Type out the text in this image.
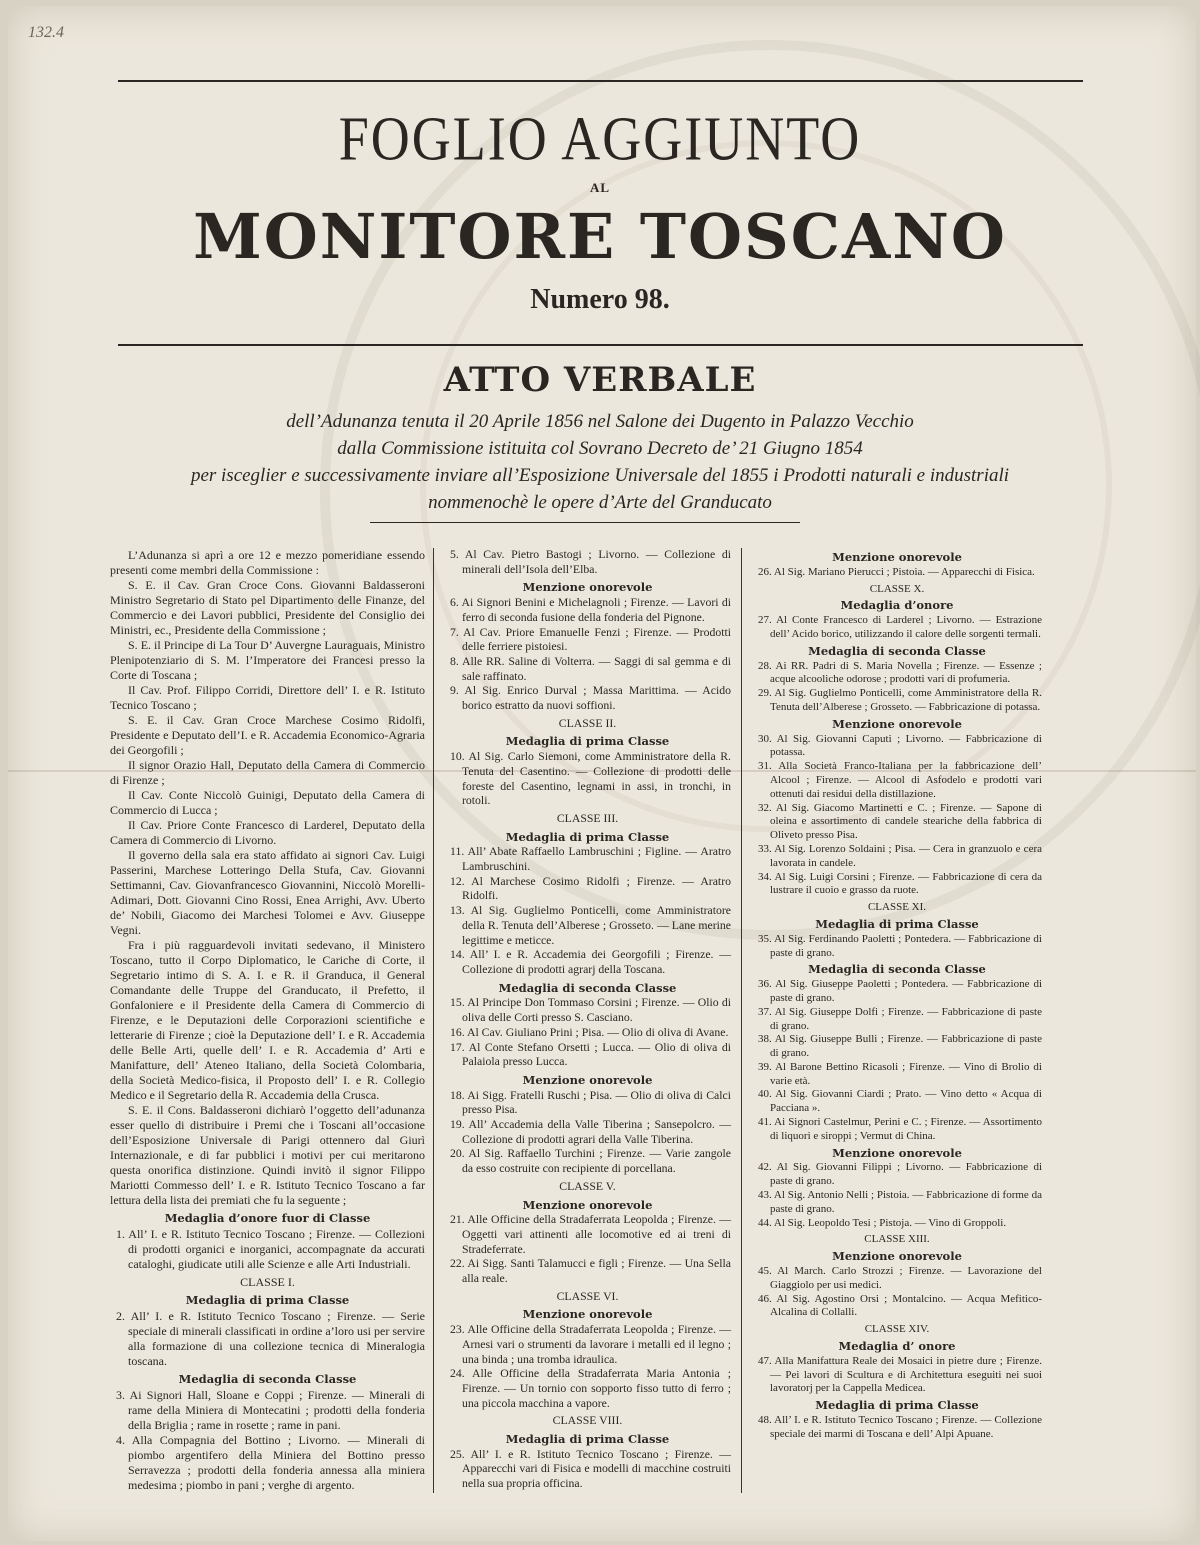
132.4
FOGLIO AGGIUNTO
AL
MONITORE TOSCANO
Numero 98.
ATTO VERBALE
dell’Adunanza tenuta il 20 Aprile 1856 nel Salone dei Dugento in Palazzo Vecchio
dalla Commissione istituita col Sovrano Decreto de’ 21 Giugno 1854
per isceglier e successivamente inviare all’Esposizione Universale del 1855 i Prodotti naturali e industriali
nommenochè le opere d’Arte del Granducato

L’Adunanza si aprì a ore 12 e mezzo pomeridiane essendo presenti come membri della Commissione :

S. E. il Cav. Gran Croce Cons. Giovanni Baldasseroni Ministro Segretario di Stato pel Dipartimento delle Finanze, del Commercio e dei Lavori pubblici, Presidente del Consiglio dei Ministri, ec., Presidente della Commissione ;

S. E. il Principe di La Tour D’ Auvergne Lauraguais, Ministro Plenipotenziario di S. M. l’Imperatore dei Francesi presso la Corte di Toscana ;

Il Cav. Prof. Filippo Corridi, Direttore dell’ I. e R. Istituto Tecnico Toscano ;

S. E. il Cav. Gran Croce Marchese Cosimo Ridolfi, Presidente e Deputato dell’I. e R. Accademia Economico-Agraria dei Georgofili ;

Il signor Orazio Hall, Deputato della Camera di Commercio di Firenze ;

Il Cav. Conte Niccolò Guinigi, Deputato della Camera di Commercio di Lucca ;

Il Cav. Priore Conte Francesco di Larderel, Deputato della Camera di Commercio di Livorno.

Il governo della sala era stato affidato ai signori Cav. Luigi Passerini, Marchese Lotteringo Della Stufa, Cav. Giovanni Settimanni, Cav. Giovanfrancesco Giovannini, Niccolò Morelli-Adimari, Dott. Giovanni Cino Rossi, Enea Arrighi, Avv. Uberto de’ Nobili, Giacomo dei Marchesi Tolomei e Avv. Giuseppe Vegni.

Fra i più ragguardevoli invitati sedevano, il Ministero Toscano, tutto il Corpo Diplomatico, le Cariche di Corte, il Segretario intimo di S. A. I. e R. il Granduca, il General Comandante delle Truppe del Granducato, il Prefetto, il Gonfaloniere e il Presidente della Camera di Commercio di Firenze, e le Deputazioni delle Corporazioni scientifiche e letterarie di Firenze ; cioè la Deputazione dell’ I. e R. Accademia delle Belle Arti, quelle dell’ I. e R. Accademia d’ Arti e Manifatture, dell’ Ateneo Italiano, della Società Colombaria, della Società Medico-fisica, il Proposto dell’ I. e R. Collegio Medico e il Segretario della R. Accademia della Crusca.

S. E. il Cons. Baldasseroni dichiarò l’oggetto dell’adunanza esser quello di distribuire i Premi che i Toscani all’occasione dell’Esposizione Universale di Parigi ottennero dal Giurì Internazionale, e di far pubblici i motivi per cui meritarono questa onorifica distinzione. Quindi invitò il signor Filippo Mariotti Commesso dell’ I. e R. Istituto Tecnico Toscano a far lettura della lista dei premiati che fu la seguente ;

Medaglia d’onore fuor di Classe

1. All’ I. e R. Istituto Tecnico Toscano ; Firenze. — Collezioni di prodotti organici e inorganici, accompagnate da accurati cataloghi, giudicate utili alle Scienze e alle Arti Industriali.

CLASSE I.

Medaglia di prima Classe

2. All’ I. e R. Istituto Tecnico Toscano ; Firenze. — Serie speciale di minerali classificati in ordine a’loro usi per servire alla formazione di una collezione tecnica di Mineralogia toscana.

Medaglia di seconda Classe

3. Ai Signori Hall, Sloane e Coppi ; Firenze. — Minerali di rame della Miniera di Montecatini ; prodotti della fonderia della Briglia ; rame in rosette ; rame in pani.

4. Alla Compagnia del Bottino ; Livorno. — Minerali di piombo argentifero della Miniera del Bottino presso Serravezza ; prodotti della fonderia annessa alla miniera medesima ; piombo in pani ; verghe di argento.

5. Al Cav. Pietro Bastogi ; Livorno. — Collezione di minerali dell’Isola dell’Elba.

Menzione onorevole

6. Ai Signori Benini e Michelagnoli ; Firenze. — Lavori di ferro di seconda fusione della fonderia del Pignone.

7. Al Cav. Priore Emanuelle Fenzi ; Firenze. — Prodotti delle ferriere pistoiesi.

8. Alle RR. Saline di Volterra. — Saggi di sal gemma e di sale raffinato.

9. Al Sig. Enrico Durval ; Massa Marittima. — Acido borico estratto da nuovi soffioni.

CLASSE II.

Medaglia di prima Classe

10. Al Sig. Carlo Siemoni, come Amministratore della R. Tenuta del Casentino. — Collezione di prodotti delle foreste del Casentino, legnami in assi, in tronchi, in rotoli.

CLASSE III.

Medaglia di prima Classe

11. All’ Abate Raffaello Lambruschini ; Figline. — Aratro Lambruschini.

12. Al Marchese Cosimo Ridolfi ; Firenze. — Aratro Ridolfi.

13. Al Sig. Guglielmo Ponticelli, come Amministratore della R. Tenuta dell’Alberese ; Grosseto. — Lane merine legittime e meticce.

14. All’ I. e R. Accademia dei Georgofili ; Firenze. — Collezione di prodotti agrarj della Toscana.

Medaglia di seconda Classe

15. Al Principe Don Tommaso Corsini ; Firenze. — Olio di oliva delle Corti presso S. Casciano.

16. Al Cav. Giuliano Prini ; Pisa. — Olio di oliva di Avane.

17. Al Conte Stefano Orsetti ; Lucca. — Olio di oliva di Palaiola presso Lucca.

Menzione onorevole

18. Ai Sigg. Fratelli Ruschi ; Pisa. — Olio di oliva di Calci presso Pisa.

19. All’ Accademia della Valle Tiberina ; Sansepolcro. — Collezione di prodotti agrari della Valle Tiberina.

20. Al Sig. Raffaello Turchini ; Firenze. — Varie zangole da esso costruite con recipiente di porcellana.

CLASSE V.

Menzione onorevole

21. Alle Officine della Stradaferrata Leopolda ; Firenze. — Oggetti vari attinenti alle locomotive ed ai treni di Stradeferrate.

22. Ai Sigg. Santi Talamucci e figli ; Firenze. — Una Sella alla reale.

CLASSE VI.

Menzione onorevole

23. Alle Officine della Stradaferrata Leopolda ; Firenze. — Arnesi vari o strumenti da lavorare i metalli ed il legno ; una binda ; una tromba idraulica.

24. Alle Officine della Stradaferrata Maria Antonia ; Firenze. — Un tornio con sopporto fisso tutto di ferro ; una piccola macchina a vapore.

CLASSE VIII.

Medaglia di prima Classe

25. All’ I. e R. Istituto Tecnico Toscano ; Firenze. — Apparecchi vari di Fisica e modelli di macchine costruiti nella sua propria officina.

Menzione onorevole

26. Al Sig. Mariano Pierucci ; Pistoia. — Apparecchi di Fisica.

CLASSE X.

Medaglia d’onore

27. Al Conte Francesco di Larderel ; Livorno. — Estrazione dell’ Acido borico, utilizzando il calore delle sorgenti termali.

Medaglia di seconda Classe

28. Ai RR. Padri di S. Maria Novella ; Firenze. — Essenze ; acque alcooliche odorose ; prodotti vari di profumeria.

29. Al Sig. Guglielmo Ponticelli, come Amministratore della R. Tenuta dell’Alberese ; Grosseto. — Fabbricazione di potassa.

Menzione onorevole

30. Al Sig. Giovanni Caputi ; Livorno. — Fabbricazione di potassa.

31. Alla Società Franco-Italiana per la fabbricazione dell’ Alcool ; Firenze. — Alcool di Asfodelo e prodotti vari ottenuti dai residui della distillazione.

32. Al Sig. Giacomo Martinetti e C. ; Firenze. — Sapone di oleina e assortimento di candele steariche della fabbrica di Oliveto presso Pisa.

33. Al Sig. Lorenzo Soldaini ; Pisa. — Cera in granzuolo e cera lavorata in candele.

34. Al Sig. Luigi Corsini ; Firenze. — Fabbricazione di cera da lustrare il cuoio e grasso da ruote.

CLASSE XI.

Medaglia di prima Classe

35. Al Sig. Ferdinando Paoletti ; Pontedera. — Fabbricazione di paste di grano.

Medaglia di seconda Classe

36. Al Sig. Giuseppe Paoletti ; Pontedera. — Fabbricazione di paste di grano.

37. Al Sig. Giuseppe Dolfi ; Firenze. — Fabbricazione di paste di grano.

38. Al Sig. Giuseppe Bulli ; Firenze. — Fabbricazione di paste di grano.

39. Al Barone Bettino Ricasoli ; Firenze. — Vino di Brolio di varie età.

40. Al Sig. Giovanni Ciardi ; Prato. — Vino detto « Acqua di Pacciana ».

41. Ai Signori Castelmur, Perini e C. ; Firenze. — Assortimento di liquori e siroppi ; Vermut di China.

Menzione onorevole

42. Al Sig. Giovanni Filippi ; Livorno. — Fabbricazione di paste di grano.

43. Al Sig. Antonio Nelli ; Pistoia. — Fabbricazione di forme da paste di grano.

44. Al Sig. Leopoldo Tesi ; Pistoja. — Vino di Groppoli.

CLASSE XIII.

Menzione onorevole

45. Al March. Carlo Strozzi ; Firenze. — Lavorazione del Giaggiolo per usi medici.

46. Al Sig. Agostino Orsi ; Montalcino. — Acqua Mefitico-Alcalina di Collalli.

CLASSE XIV.

Medaglia d’ onore

47. Alla Manifattura Reale dei Mosaici in pietre dure ; Firenze. — Pei lavori di Scultura e di Architettura eseguiti nei suoi lavoratorj per la Cappella Medicea.

Medaglia di prima Classe

48. All’ I. e R. Istituto Tecnico Toscano ; Firenze. — Collezione speciale dei marmi di Toscana e dell’ Alpi Apuane.
